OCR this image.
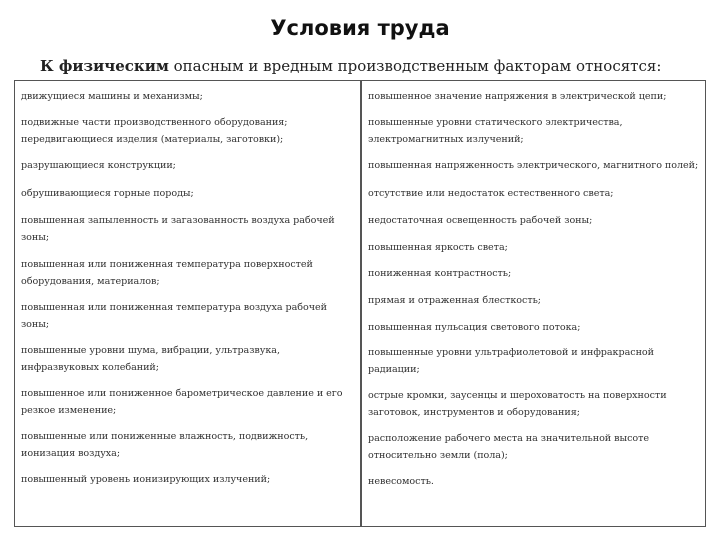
Условия труда
К физическим опасным и вредным производственным факторам относятся:
движущиеся машины и механизмы;
подвижные части производственного оборудования; передвигающиеся изделия (материалы, заготовки);
разрушающиеся конструкции;
обрушивающиеся горные породы;
повышенная запыленность и загазованность воздуха рабочей зоны;
повышенная или пониженная температура поверхностей оборудования, материалов;
повышенная или пониженная температура воздуха рабочей зоны;
повышенные уровни шума, вибрации, ультразвука, инфразвуковых колебаний;
повышенное или пониженное барометрическое давление и его резкое изменение;
повышенные или пониженные влажность, подвижность, ионизация воздуха;
повышенный уровень ионизирующих излучений;
повышенное значение напряжения в электрической цепи;
повышенные уровни статического электричества, электромагнитных излучений;
повышенная напряженность электрического, магнитного полей;
отсутствие или недостаток естественного света;
недостаточная освещенность рабочей зоны;
повышенная яркость света;
пониженная контрастность;
прямая и отраженная блесткость;
повышенная пульсация светового потока;
повышенные уровни ультрафиолетовой и инфракрасной радиации;
острые кромки, заусенцы и шероховатость на поверхности заготовок, инструментов и оборудования;
расположение рабочего места на значительной высоте относительно земли (пола);
невесомость.
